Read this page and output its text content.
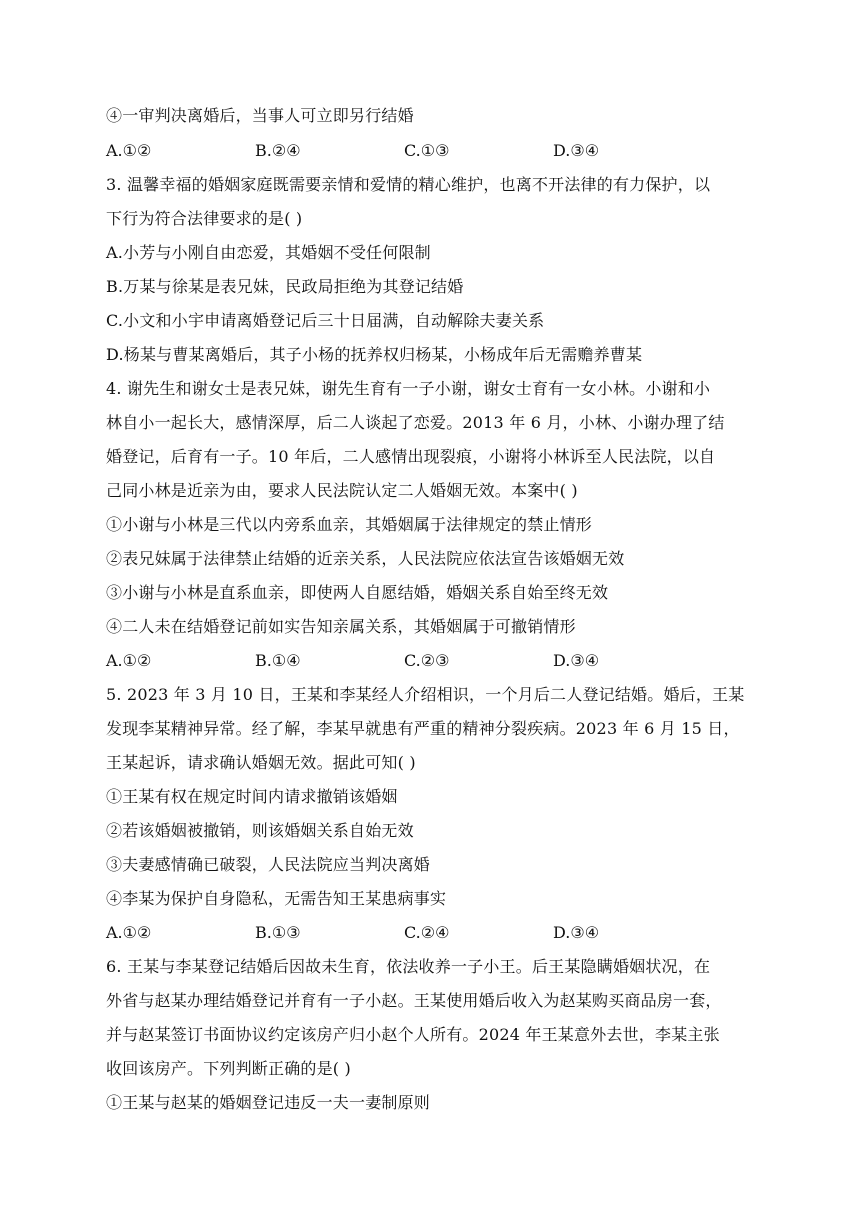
④一审判决离婚后，当事人可立即另行结婚
A.①②	B.②④	C.①③	D.③④
3. 温馨幸福的婚姻家庭既需要亲情和爱情的精心维护，也离不开法律的有力保护，以
下行为符合法律要求的是( )
A.小芳与小刚自由恋爱，其婚姻不受任何限制
B.万某与徐某是表兄妹，民政局拒绝为其登记结婚
C.小文和小宇申请离婚登记后三十日届满，自动解除夫妻关系
D.杨某与曹某离婚后，其子小杨的抚养权归杨某，小杨成年后无需赡养曹某
4. 谢先生和谢女士是表兄妹，谢先生育有一子小谢，谢女士育有一女小林。小谢和小
林自小一起长大，感情深厚，后二人谈起了恋爱。2013 年 6 月，小林、小谢办理了结
婚登记，后育有一子。10 年后，二人感情出现裂痕，小谢将小林诉至人民法院，以自
己同小林是近亲为由，要求人民法院认定二人婚姻无效。本案中( )
①小谢与小林是三代以内旁系血亲，其婚姻属于法律规定的禁止情形
②表兄妹属于法律禁止结婚的近亲关系，人民法院应依法宣告该婚姻无效
③小谢与小林是直系血亲，即使两人自愿结婚，婚姻关系自始至终无效
④二人未在结婚登记前如实告知亲属关系，其婚姻属于可撤销情形
A.①②	B.①④	C.②③	D.③④
5. 2023 年 3 月 10 日，王某和李某经人介绍相识，一个月后二人登记结婚。婚后，王某
发现李某精神异常。经了解，李某早就患有严重的精神分裂疾病。2023 年 6 月 15 日，
王某起诉，请求确认婚姻无效。据此可知( )
①王某有权在规定时间内请求撤销该婚姻
②若该婚姻被撤销，则该婚姻关系自始无效
③夫妻感情确已破裂，人民法院应当判决离婚
④李某为保护自身隐私，无需告知王某患病事实
A.①②	B.①③	C.②④	D.③④
6. 王某与李某登记结婚后因故未生育，依法收养一子小王。后王某隐瞒婚姻状况，在
外省与赵某办理结婚登记并育有一子小赵。王某使用婚后收入为赵某购买商品房一套，
并与赵某签订书面协议约定该房产归小赵个人所有。2024 年王某意外去世，李某主张
收回该房产。下列判断正确的是( )
①王某与赵某的婚姻登记违反一夫一妻制原则
